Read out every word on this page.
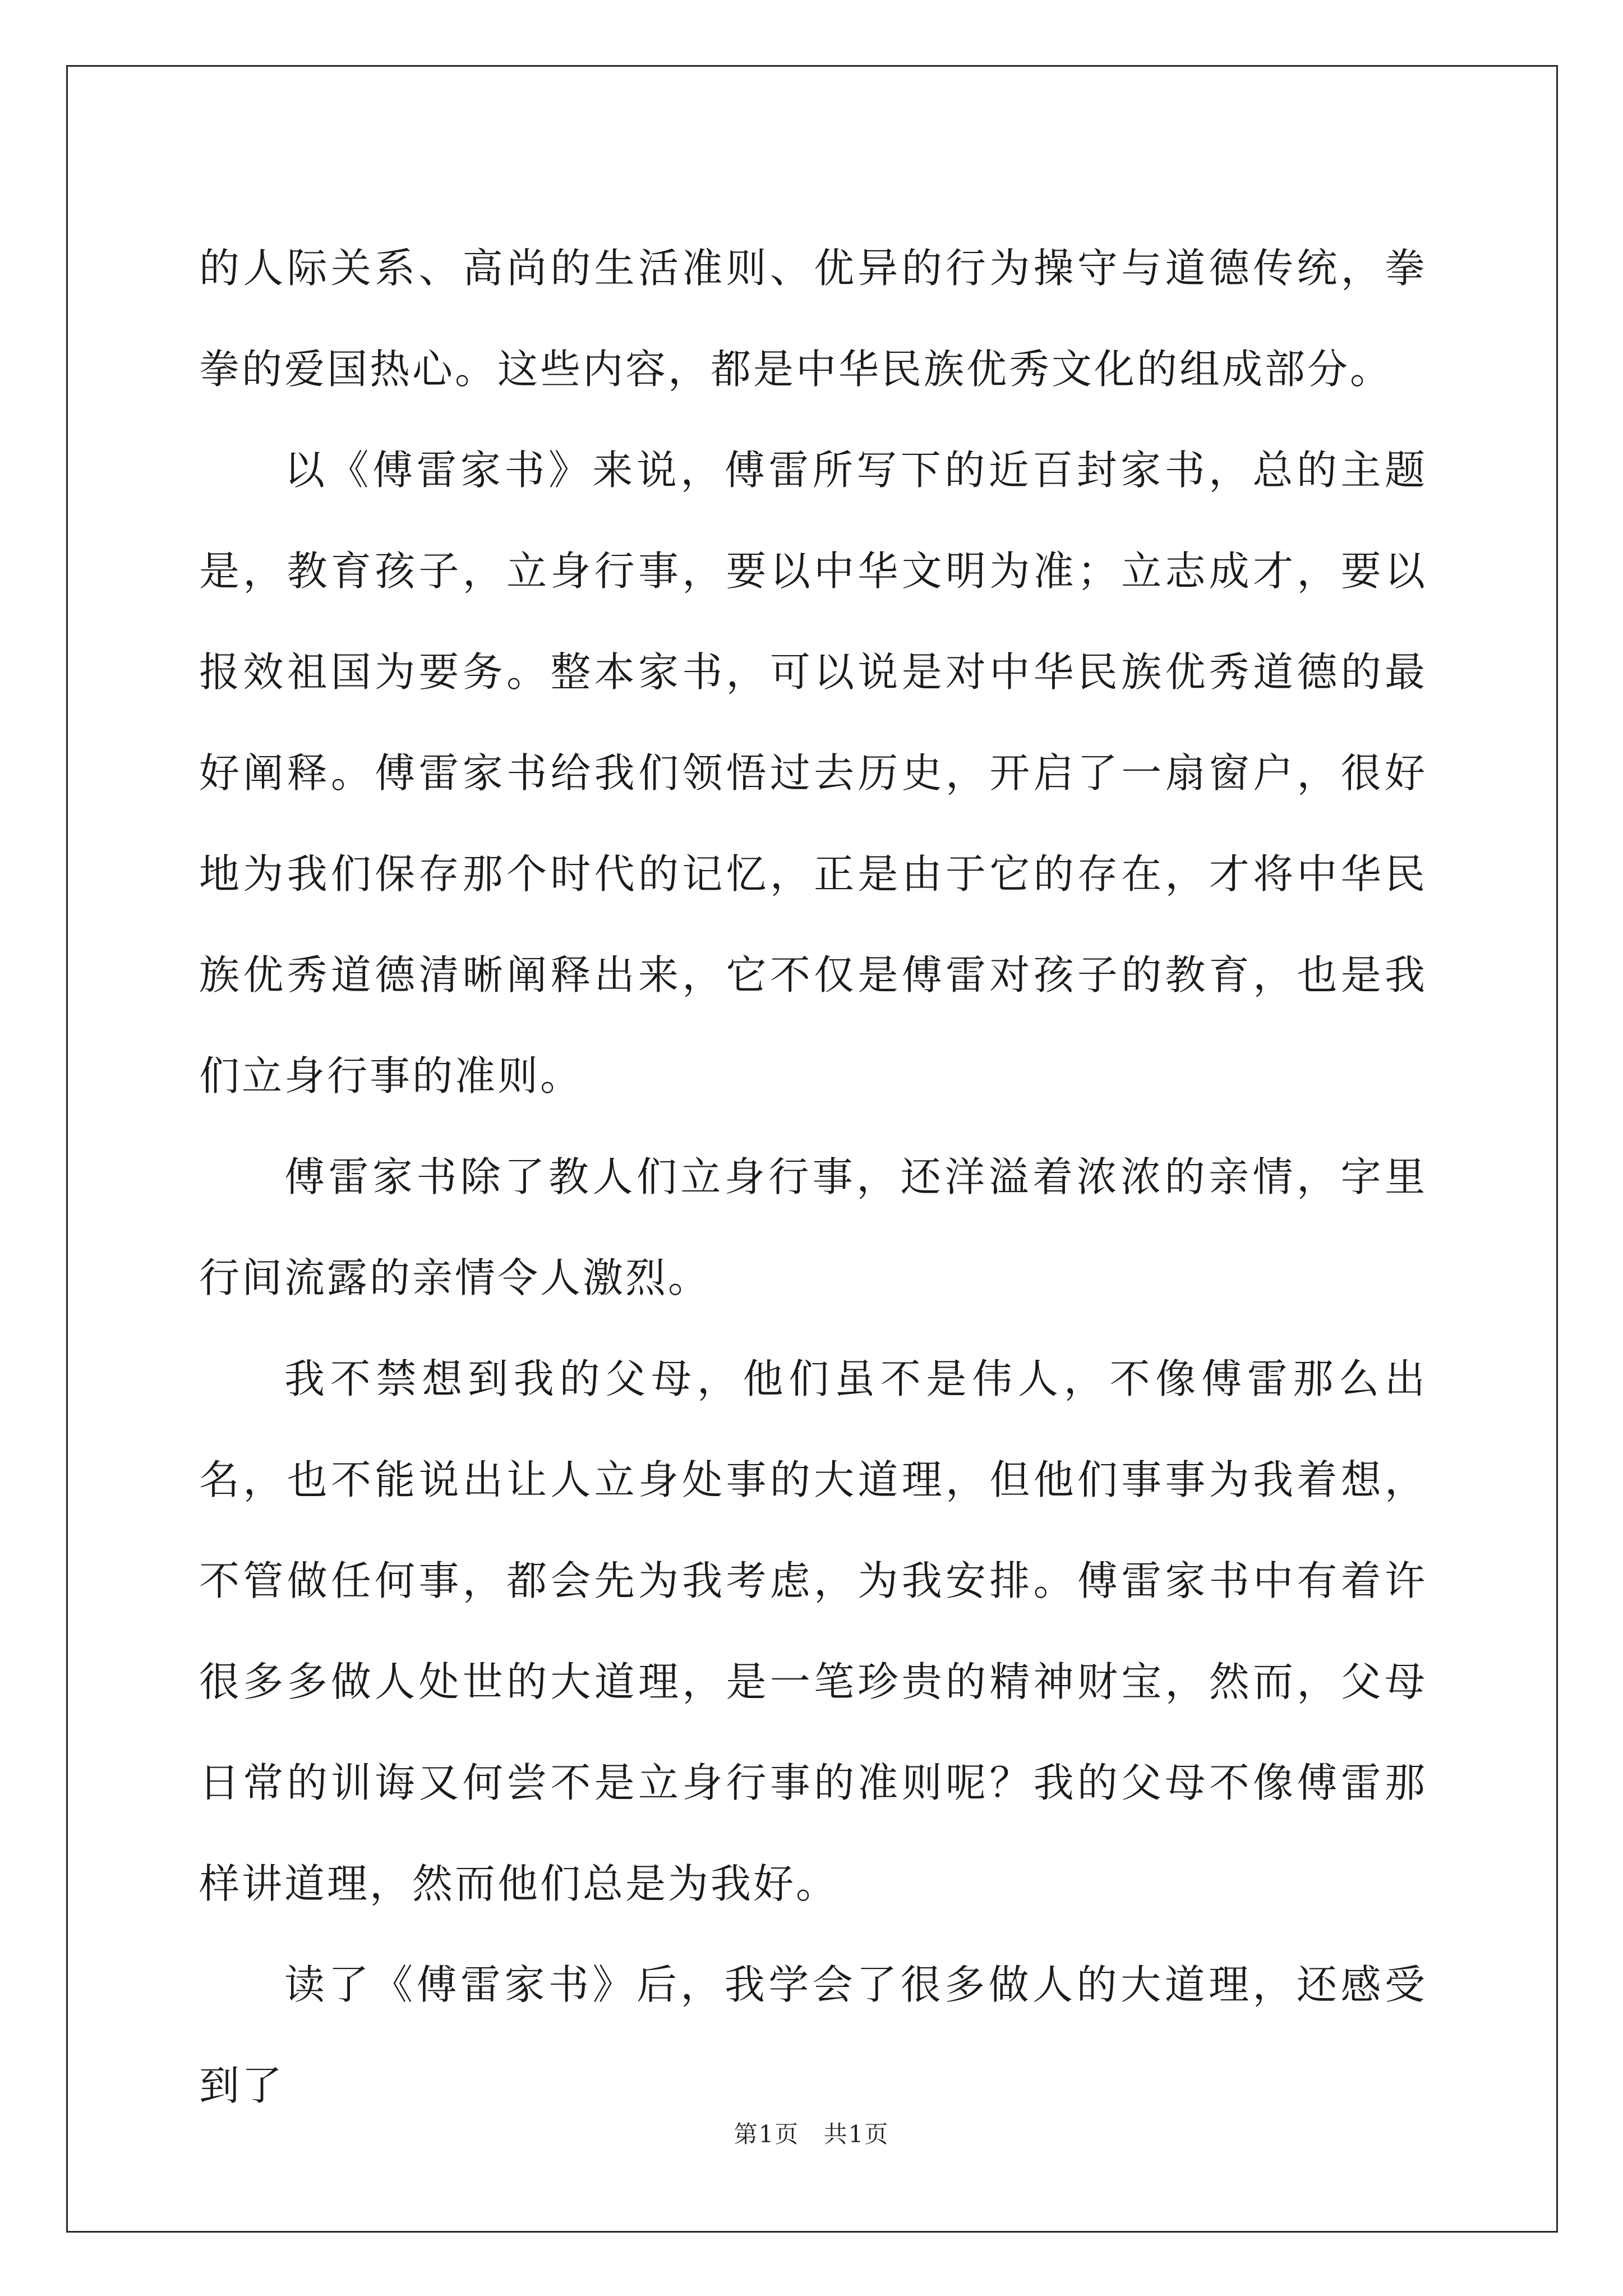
的人际关系、高尚的生活准则、优异的行为操守与道德传统，拳拳的爱国热心。这些内容，都是中华民族优秀文化的组成部分。

以《傅雷家书》来说，傅雷所写下的近百封家书，总的主题是，教育孩子，立身行事，要以中华文明为准；立志成才，要以报效祖国为要务。整本家书，可以说是对中华民族优秀道德的最好阐释。傅雷家书给我们领悟过去历史，开启了一扇窗户，很好地为我们保存那个时代的记忆，正是由于它的存在，才将中华民族优秀道德清晰阐释出来，它不仅是傅雷对孩子的教育，也是我们立身行事的准则。

傅雷家书除了教人们立身行事，还洋溢着浓浓的亲情，字里行间流露的亲情令人激烈。

我不禁想到我的父母，他们虽不是伟人，不像傅雷那么出名，也不能说出让人立身处事的大道理，但他们事事为我着想，不管做任何事，都会先为我考虑，为我安排。傅雷家书中有着许很多多做人处世的大道理，是一笔珍贵的精神财宝，然而，父母日常的训诲又何尝不是立身行事的准则呢？我的父母不像傅雷那样讲道理，然而他们总是为我好。

读了《傅雷家书》后，我学会了很多做人的大道理，还感受到了

第1页 共1页
